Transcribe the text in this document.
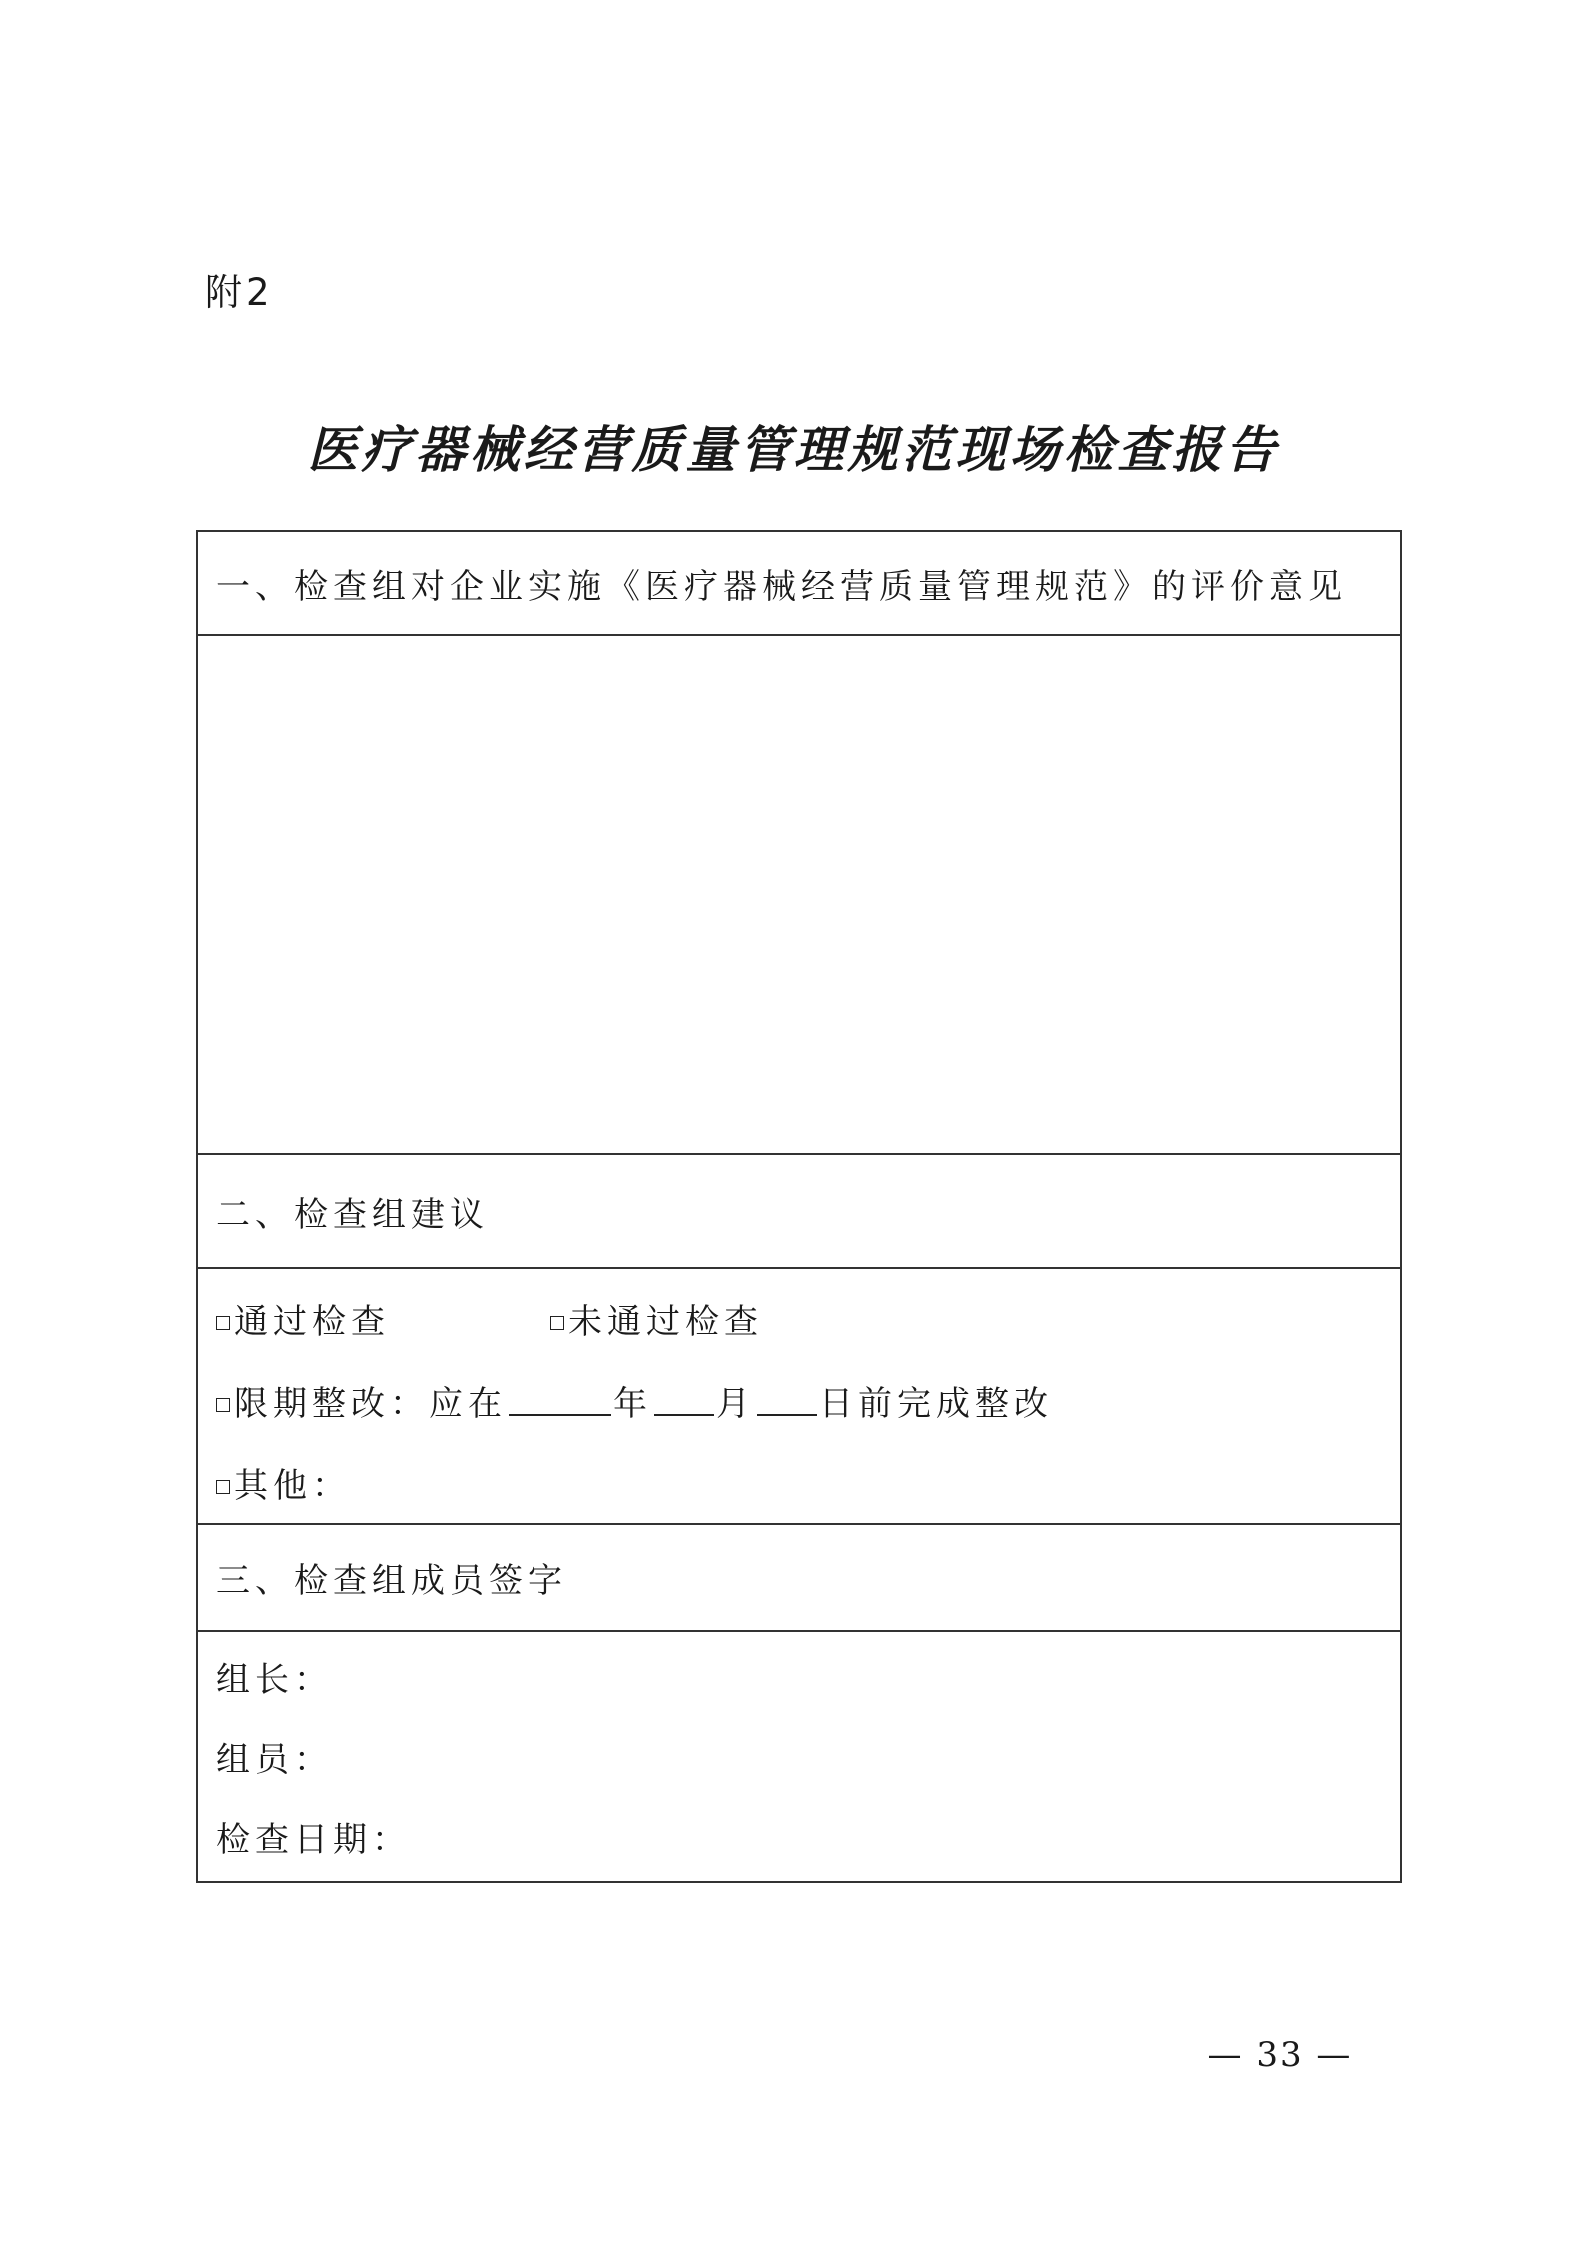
附2
医疗器械经营质量管理规范现场检查报告
一、检查组对企业实施《医疗器械经营质量管理规范》的评价意见

二、检查组建议

通过检查	未通过检查
限期整改：应在	年 月 日前完成整改
其他：

三、检查组成员签字

组长：
组员：
检查日期：
— 33 —
